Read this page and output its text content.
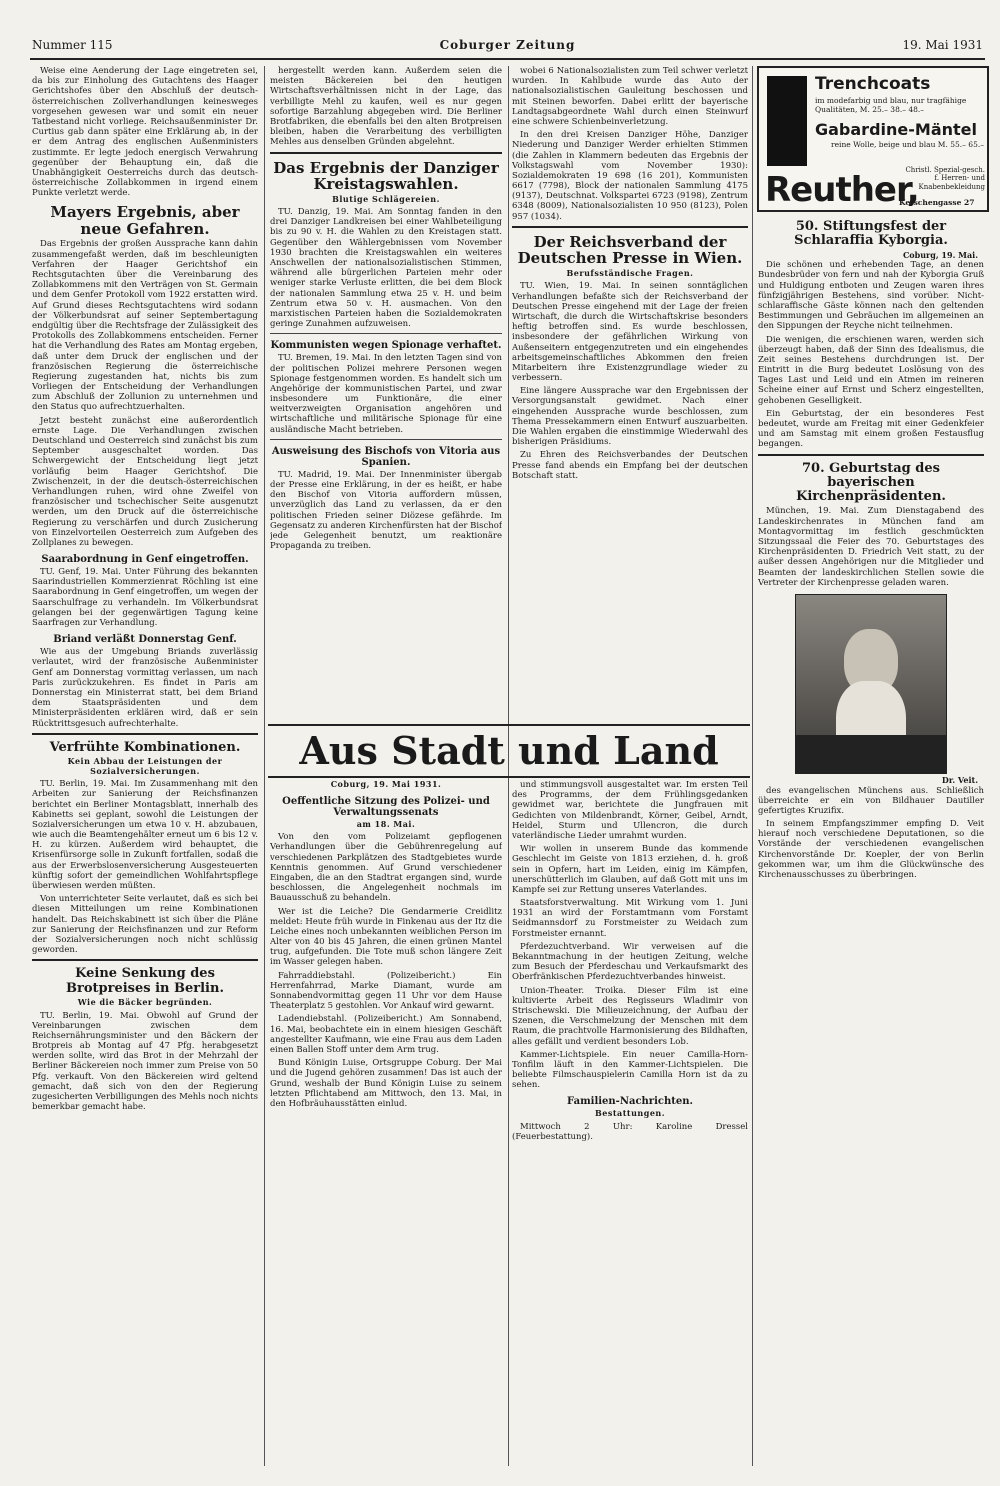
Nummer 115	Coburger Zeitung	19. Mai 1931

Weise eine Aenderung der Lage eingetreten sei, da bis zur Einholung des Gutachtens des Haager Gerichtshofes über den Abschluß der deutsch-österreichischen Zollverhandlungen keinesweges vorgesehen gewesen war und somit ein neuer Tatbestand nicht vorliege. Reichsaußenminister Dr. Curtius gab dann später eine Erklärung ab, in der er dem Antrag des englischen Außenministers zustimmte. Er legte jedoch energisch Verwahrung gegenüber der Behauptung ein, daß die Unabhängigkeit Oesterreichs durch das deutsch-österreichische Zollabkommen in irgend einem Punkte verletzt werde.

Mayers Ergebnis, aber neue Gefahren.

Das Ergebnis der großen Aussprache kann dahin zusammengefaßt werden, daß im beschleunigten Verfahren der Haager Gerichtshof ein Rechtsgutachten über die Vereinbarung des Zollabkommens mit den Verträgen von St. Germain und dem Genfer Protokoll vom 1922 erstatten wird. Auf Grund dieses Rechtsgutachtens wird sodann der Völkerbundsrat auf seiner Septembertagung endgültig über die Rechtsfrage der Zulässigkeit des Protokolls des Zollabkommens entscheiden. Ferner hat die Verhandlung des Rates am Montag ergeben, daß unter dem Druck der englischen und der französischen Regierung die österreichische Regierung zugestanden hat, nichts bis zum Vorliegen der Entscheidung der Verhandlungen zum Abschluß der Zollunion zu unternehmen und den Status quo aufrechtzuerhalten.

Jetzt besteht zunächst eine außerordentlich ernste Lage. Die Verhandlungen zwischen Deutschland und Oesterreich sind zunächst bis zum September ausgeschaltet worden. Das Schwergewicht der Entscheidung liegt jetzt vorläufig beim Haager Gerichtshof. Die Zwischenzeit, in der die deutsch-österreichischen Verhandlungen ruhen, wird ohne Zweifel von französischer und tschechischer Seite ausgenutzt werden, um den Druck auf die österreichische Regierung zu verschärfen und durch Zusicherung von Einzelvorteilen Oesterreich zum Aufgeben des Zollplanes zu bewegen.

Saarabordnung in Genf eingetroffen.

TU. Genf, 19. Mai. Unter Führung des bekannten Saarindustriellen Kommerzienrat Röchling ist eine Saarabordnung in Genf eingetroffen, um wegen der Saarschulfrage zu verhandeln. Im Völkerbundsrat gelangen bei der gegenwärtigen Tagung keine Saarfragen zur Verhandlung.

Briand verläßt Donnerstag Genf.

Wie aus der Umgebung Briands zuverlässig verlautet, wird der französische Außenminister Genf am Donnerstag vormittag verlassen, um nach Paris zurückzukehren. Es findet in Paris am Donnerstag ein Ministerrat statt, bei dem Briand dem Staatspräsidenten und dem Ministerpräsidenten erklären wird, daß er sein Rücktrittsgesuch aufrechterhalte.

Verfrühte Kombinationen.
Kein Abbau der Leistungen der Sozialversicherungen.

TU. Berlin, 19. Mai. Im Zusammenhang mit den Arbeiten zur Sanierung der Reichsfinanzen berichtet ein Berliner Montagsblatt, innerhalb des Kabinetts sei geplant, sowohl die Leistungen der Sozialversicherungen um etwa 10 v. H. abzubauen, wie auch die Beamtengehälter erneut um 6 bis 12 v. H. zu kürzen. Außerdem wird behauptet, die Krisenfürsorge solle in Zukunft fortfallen, sodaß die aus der Erwerbslosenversicherung Ausgesteuerten künftig sofort der gemeindlichen Wohlfahrtspflege überwiesen werden müßten.

Von unterrichteter Seite verlautet, daß es sich bei diesen Mitteilungen um reine Kombinationen handelt. Das Reichskabinett ist sich über die Pläne zur Sanierung der Reichsfinanzen und zur Reform der Sozialversicherungen noch nicht schlüssig geworden.

Keine Senkung des Brotpreises in Berlin.
Wie die Bäcker begründen.

TU. Berlin, 19. Mai. Obwohl auf Grund der Vereinbarungen zwischen dem Reichsernährungsminister und den Bäckern der Brotpreis ab Montag auf 47 Pfg. herabgesetzt werden sollte, wird das Brot in der Mehrzahl der Berliner Bäckereien noch immer zum Preise von 50 Pfg. verkauft. Von den Bäckereien wird geltend gemacht, daß sich von den der Regierung zugesicherten Verbilligungen des Mehls noch nichts bemerkbar gemacht habe.

hergestellt werden kann. Außerdem seien die meisten Bäckereien bei den heutigen Wirtschaftsverhältnissen nicht in der Lage, das verbilligte Mehl zu kaufen, weil es nur gegen sofortige Barzahlung abgegeben wird. Die Berliner Brotfabriken, die ebenfalls bei den alten Brotpreisen bleiben, haben die Verarbeitung des verbilligten Mehles aus denselben Gründen abgelehnt.

Das Ergebnis der Danziger Kreistagswahlen.
Blutige Schlägereien.

TU. Danzig, 19. Mai. Am Sonntag fanden in den drei Danziger Landkreisen bei einer Wahlbeteiligung bis zu 90 v. H. die Wahlen zu den Kreistagen statt. Gegenüber den Wählergebnissen vom November 1930 brachten die Kreistagswahlen ein weiteres Anschwellen der nationalsozialistischen Stimmen, während alle bürgerlichen Parteien mehr oder weniger starke Verluste erlitten, die bei dem Block der nationalen Sammlung etwa 25 v. H. und beim Zentrum etwa 50 v. H. ausmachen. Von den marxistischen Parteien haben die Sozialdemokraten geringe Zunahmen aufzuweisen.

Kommunisten wegen Spionage verhaftet.

TU. Bremen, 19. Mai. In den letzten Tagen sind von der politischen Polizei mehrere Personen wegen Spionage festgenommen worden. Es handelt sich um Angehörige der kommunistischen Partei, und zwar insbesondere um Funktionäre, die einer weitverzweigten Organisation angehören und wirtschaftliche und militärische Spionage für eine ausländische Macht betrieben.

Ausweisung des Bischofs von Vitoria aus Spanien.

TU. Madrid, 19. Mai. Der Innenminister übergab der Presse eine Erklärung, in der es heißt, er habe den Bischof von Vitoria auffordern müssen, unverzüglich das Land zu verlassen, da er den politischen Frieden seiner Diözese gefährde. Im Gegensatz zu anderen Kirchenfürsten hat der Bischof jede Gelegenheit benutzt, um reaktionäre Propaganda zu treiben.

wobei 6 Nationalsozialisten zum Teil schwer verletzt wurden. In Kahlbude wurde das Auto der nationalsozialistischen Gauleitung beschossen und mit Steinen beworfen. Dabei erlitt der bayerische Landtagsabgeordnete Wahl durch einen Steinwurf eine schwere Schienbeinverletzung.

In den drei Kreisen Danziger Höhe, Danziger Niederung und Danziger Werder erhielten Stimmen (die Zahlen in Klammern bedeuten das Ergebnis der Volkstagswahl vom November 1930): Sozialdemokraten 19 698 (16 201), Kommunisten 6617 (7798), Block der nationalen Sammlung 4175 (9137), Deutschnat. Volkspartei 6723 (9198), Zentrum 6348 (8009), Nationalsozialisten 10 950 (8123), Polen 957 (1034).

Der Reichsverband der Deutschen Presse in Wien.
Berufsständische Fragen.

TU. Wien, 19. Mai. In seinen sonntäglichen Verhandlungen befaßte sich der Reichsverband der Deutschen Presse eingehend mit der Lage der freien Wirtschaft, die durch die Wirtschaftskrise besonders heftig betroffen sind. Es wurde beschlossen, insbesondere der gefährlichen Wirkung von Außenseitern entgegenzutreten und ein eingehendes arbeitsgemeinschaftliches Abkommen den freien Mitarbeitern ihre Existenzgrundlage wieder zu verbessern.

Eine längere Aussprache war den Ergebnissen der Versorgungsanstalt gewidmet. Nach einer eingehenden Aussprache wurde beschlossen, zum Thema Pressekammern einen Entwurf auszuarbeiten. Die Wahlen ergaben die einstimmige Wiederwahl des bisherigen Präsidiums.

Zu Ehren des Reichsverbandes der Deutschen Presse fand abends ein Empfang bei der deutschen Botschaft statt.

Aus Stadt und Land
Coburg, 19. Mai 1931.
Oeffentliche Sitzung des Polizei- und Verwaltungssenats
am 18. Mai.

Von den vom Polizeiamt gepflogenen Verhandlungen über die Gebührenregelung auf verschiedenen Parkplätzen des Stadtgebietes wurde Kenntnis genommen. Auf Grund verschiedener Eingaben, die an den Stadtrat ergangen sind, wurde beschlossen, die Angelegenheit nochmals im Bauausschuß zu behandeln.

Wer ist die Leiche? Die Gendarmerie Creidlitz meldet: Heute früh wurde in Finkenau aus der Itz die Leiche eines noch unbekannten weiblichen Person im Alter von 40 bis 45 Jahren, die einen grünen Mantel trug, aufgefunden. Die Tote muß schon längere Zeit im Wasser gelegen haben.

Fahrraddiebstahl. (Polizeibericht.) Ein Herrenfahrrad, Marke Diamant, wurde am Sonnabendvormittag gegen 11 Uhr vor dem Hause Theaterplatz 5 gestohlen. Vor Ankauf wird gewarnt.

Ladendiebstahl. (Polizeibericht.) Am Sonnabend, 16. Mai, beobachtete ein in einem hiesigen Geschäft angestellter Kaufmann, wie eine Frau aus dem Laden einen Ballen Stoff unter dem Arm trug.

Bund Königin Luise, Ortsgruppe Coburg. Der Mai und die Jugend gehören zusammen! Das ist auch der Grund, weshalb der Bund Königin Luise zu seinem letzten Pflichtabend am Mittwoch, den 13. Mai, in den Hofbräuhausstätten einlud.

und stimmungsvoll ausgestaltet war. Im ersten Teil des Programms, der dem Frühlingsgedanken gewidmet war, berichtete die Jungfrauen mit Gedichten von Mildenbrandt, Körner, Geibel, Arndt, Heidel, Sturm und Ullencron, die durch vaterländische Lieder umrahmt wurden.

Wir wollen in unserem Bunde das kommende Geschlecht im Geiste von 1813 erziehen, d. h. groß sein in Opfern, hart im Leiden, einig im Kämpfen, unerschütterlich im Glauben, auf daß Gott mit uns im Kampfe sei zur Rettung unseres Vaterlandes.

Staatsforstverwaltung. Mit Wirkung vom 1. Juni 1931 an wird der Forstamtmann vom Forstamt Seidmannsdorf zu Forstmeister zu Weidach zum Forstmeister ernannt.

Pferdezuchtverband. Wir verweisen auf die Bekanntmachung in der heutigen Zeitung, welche zum Besuch der Pferdeschau und Verkaufsmarkt des Oberfränkischen Pferdezuchtverbandes hinweist.

Union-Theater. Troika. Dieser Film ist eine kultivierte Arbeit des Regisseurs Wladimir von Strischewski. Die Milieuzeichnung, der Aufbau der Szenen, die Verschmelzung der Menschen mit dem Raum, die prachtvolle Harmonisierung des Bildhaften, alles gefällt und verdient besonders Lob.

Kammer-Lichtspiele. Ein neuer Camilla-Horn-Tonfilm läuft in den Kammer-Lichtspielen. Die beliebte Filmschauspielerin Camilla Horn ist da zu sehen.

Familien-Nachrichten.
Bestattungen.

Mittwoch 2 Uhr: Karoline Dressel (Feuerbestattung).

Trenchcoats
im modefarbig und blau, nur tragfähige Qualitäten, M. 25.– 38.– 48.–
Gabardine-Mäntel
reine Wolle, beige und blau M. 55.– 65.–
Reuther,
Christl. Spezial-gesch. f. Herren- und Knabenbekleidung
Ketschengasse 27
50. Stiftungsfest der Schlaraffia Kyborgia.
Coburg, 19. Mai.

Die schönen und erhebenden Tage, an denen Bundesbrüder von fern und nah der Kyborgia Gruß und Huldigung entboten und Zeugen waren ihres fünfzigjährigen Bestehens, sind vorüber. Nicht-schlaraffische Gäste können nach den geltenden Bestimmungen und Gebräuchen im allgemeinen an den Sippungen der Reyche nicht teilnehmen.

Die wenigen, die erschienen waren, werden sich überzeugt haben, daß der Sinn des Idealismus, die Zeit seines Bestehens durchdrungen ist. Der Eintritt in die Burg bedeutet Loslösung von des Tages Last und Leid und ein Atmen im reineren Scheine einer auf Ernst und Scherz eingestellten, gehobenen Geselligkeit.

Ein Geburtstag, der ein besonderes Fest bedeutet, wurde am Freitag mit einer Gedenkfeier und am Samstag mit einem großen Festausflug begangen.

70. Geburtstag des bayerischen Kirchenpräsidenten.

München, 19. Mai. Zum Dienstagabend des Landeskirchenrates in München fand am Montagvormittag im festlich geschmückten Sitzungssaal die Feier des 70. Geburtstages des Kirchenpräsidenten D. Friedrich Veit statt, zu der außer dessen Angehörigen nur die Mitglieder und Beamten der landeskirchlichen Stellen sowie die Vertreter der Kirchenpresse geladen waren.

Dr. Veit.

des evangelischen Münchens aus. Schließlich überreichte er ein von Bildhauer Dautiller gefertigtes Kruzifix.

In seinem Empfangszimmer empfing D. Veit hierauf noch verschiedene Deputationen, so die Vorstände der verschiedenen evangelischen Kirchenvorstände Dr. Koepler, der von Berlin gekommen war, um ihm die Glückwünsche des Kirchenausschusses zu überbringen.
